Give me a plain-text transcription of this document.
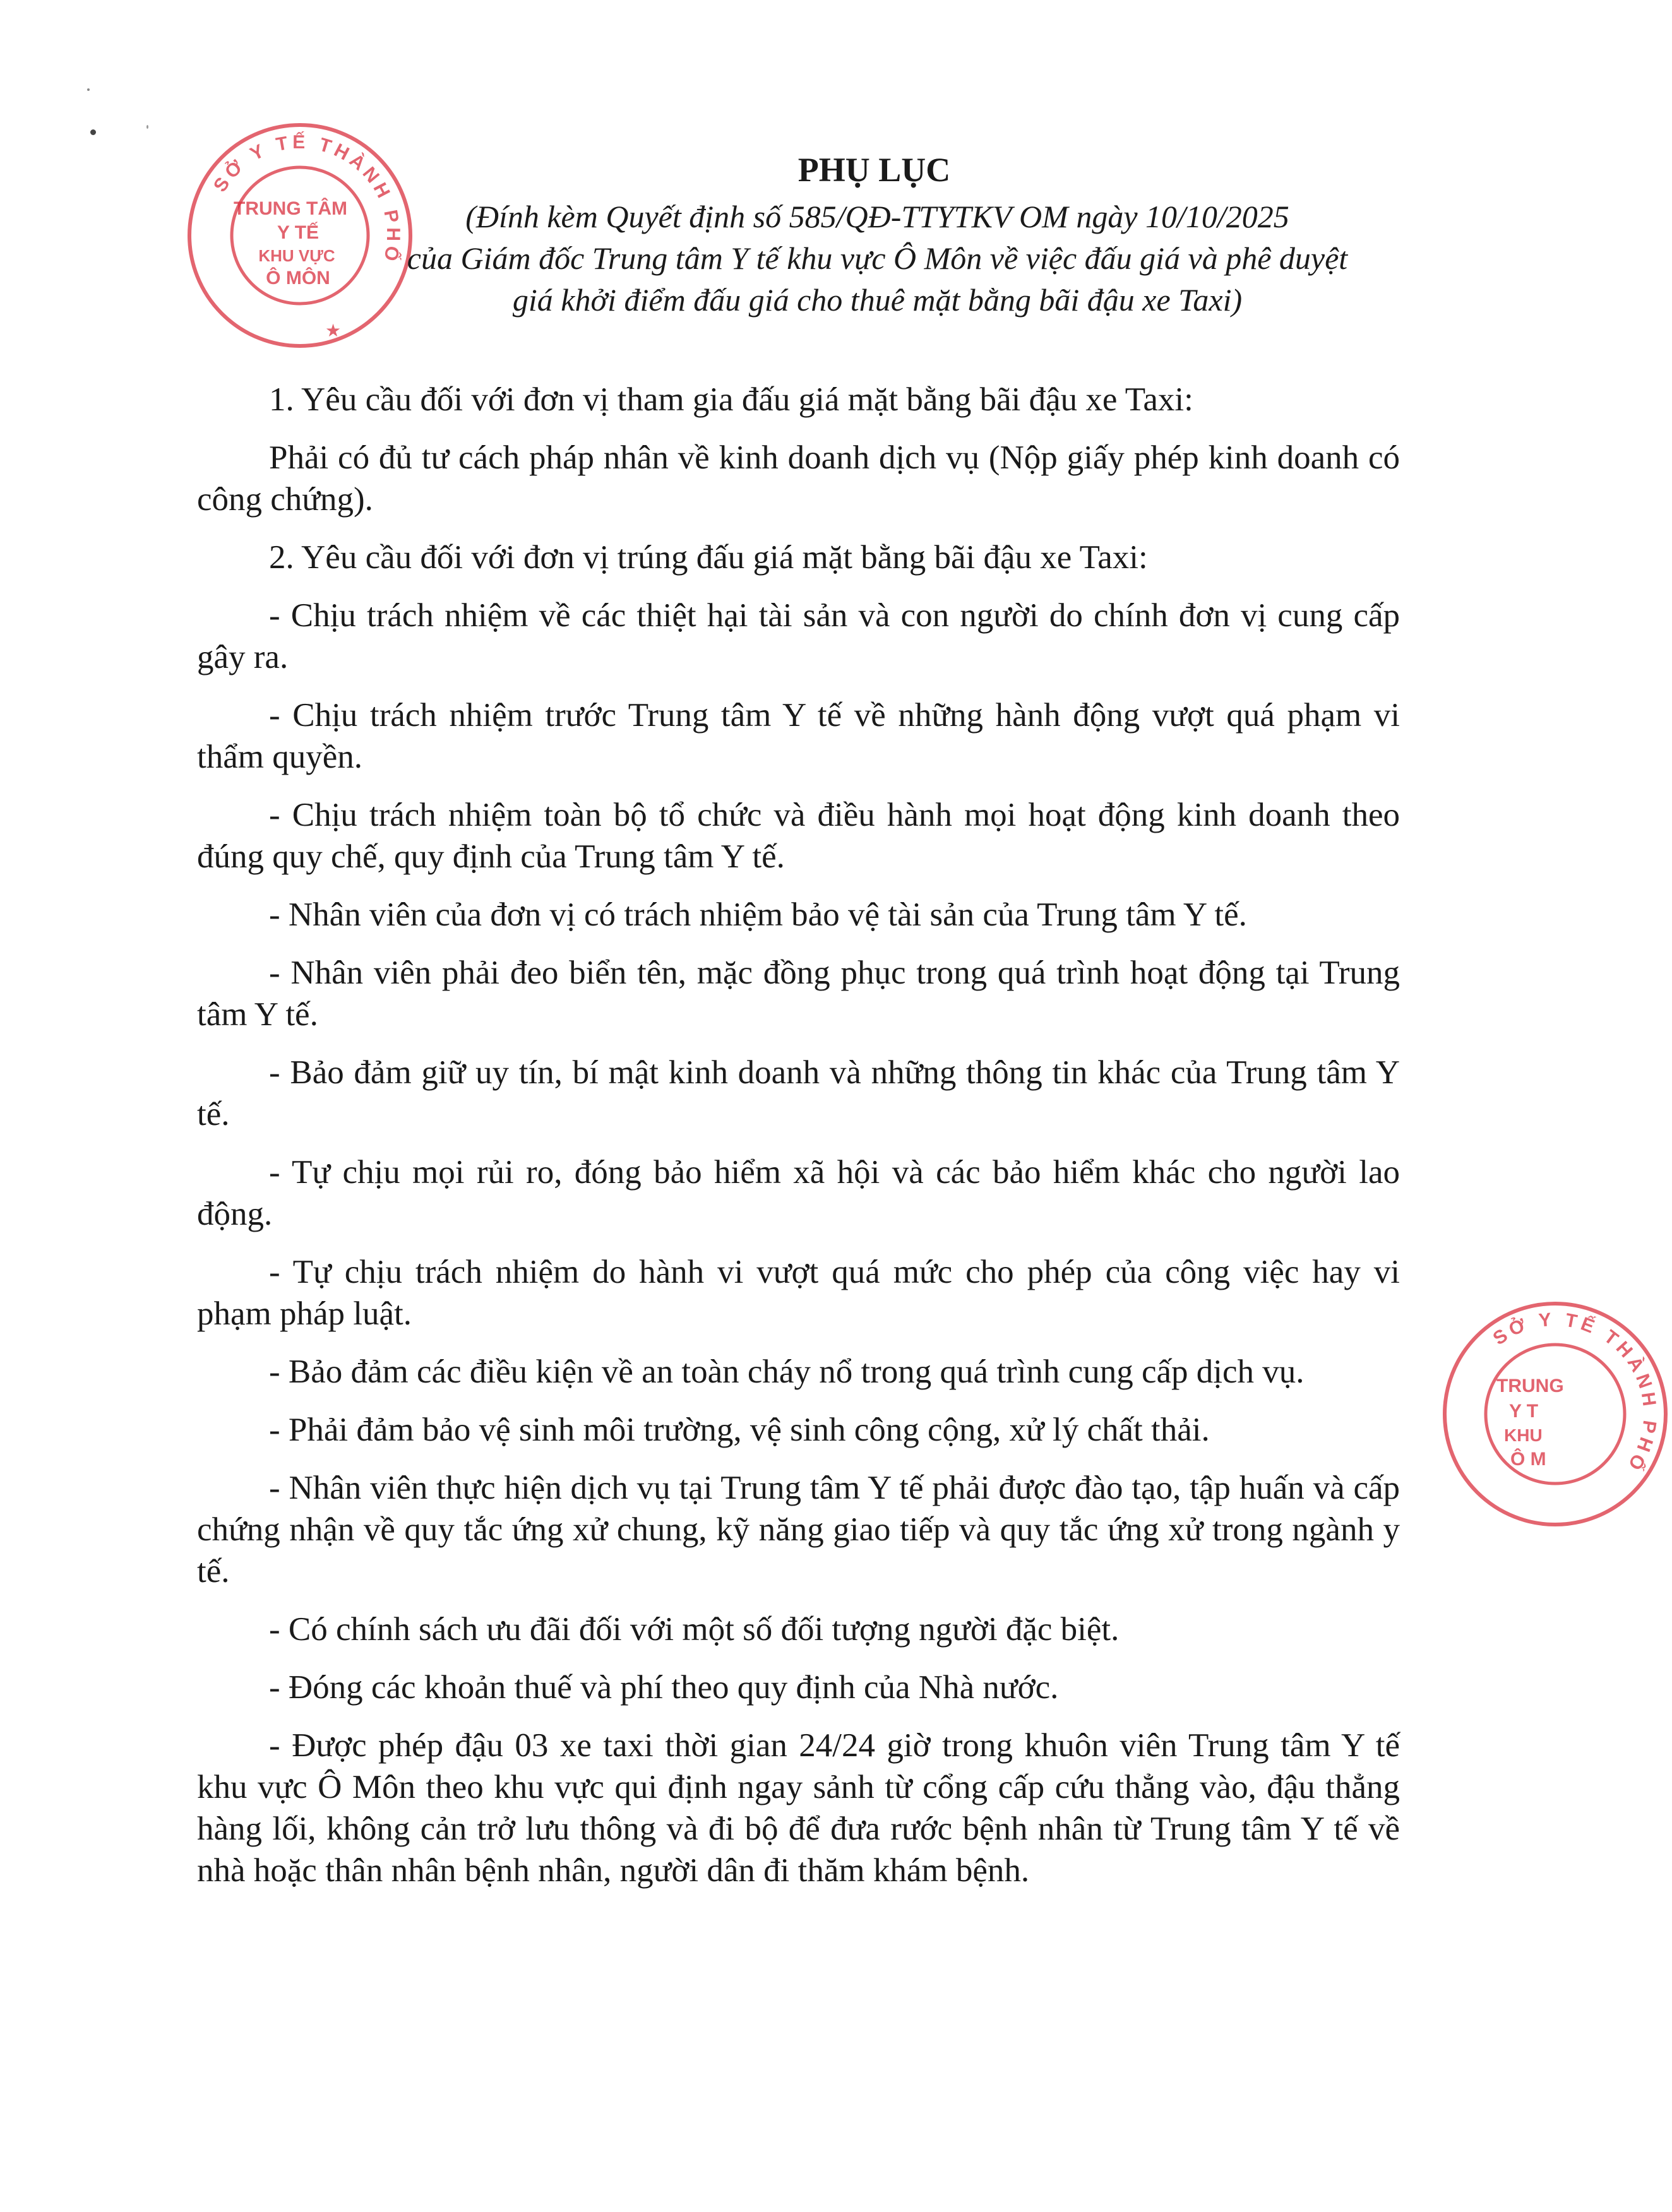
SỞ Y TẾ THÀNH PHỐ
TRUNG TÂM
Y TẾ
KHU VỰC
Ô MÔN
★
SỞ Y TẾ THÀNH PHỐ
TRUNG
Y T
KHU
Ô M
PHỤ LỤC
(Đính kèm Quyết định số 585/QĐ-TTYTKV OM ngày 10/10/2025
của Giám đốc Trung tâm Y tế khu vực Ô Môn về việc đấu giá và phê duyệt
giá khởi điểm đấu giá cho thuê mặt bằng bãi đậu xe Taxi)

1. Yêu cầu đối với đơn vị tham gia đấu giá mặt bằng bãi đậu xe Taxi:

Phải có đủ tư cách pháp nhân về kinh doanh dịch vụ (Nộp giấy phép kinh doanh có công chứng).

2. Yêu cầu đối với đơn vị trúng đấu giá mặt bằng bãi đậu xe Taxi:

- Chịu trách nhiệm về các thiệt hại tài sản và con người do chính đơn vị cung cấp gây ra.

- Chịu trách nhiệm trước Trung tâm Y tế về những hành động vượt quá phạm vi thẩm quyền.

- Chịu trách nhiệm toàn bộ tổ chức và điều hành mọi hoạt động kinh doanh theo đúng quy chế, quy định của Trung tâm Y tế.

- Nhân viên của đơn vị có trách nhiệm bảo vệ tài sản của Trung tâm Y tế.

- Nhân viên phải đeo biển tên, mặc đồng phục trong quá trình hoạt động tại Trung tâm Y tế.

- Bảo đảm giữ uy tín, bí mật kinh doanh và những thông tin khác của Trung tâm Y tế.

- Tự chịu mọi rủi ro, đóng bảo hiểm xã hội và các bảo hiểm khác cho người lao động.

- Tự chịu trách nhiệm do hành vi vượt quá mức cho phép của công việc hay vi phạm pháp luật.

- Bảo đảm các điều kiện về an toàn cháy nổ trong quá trình cung cấp dịch vụ.

- Phải đảm bảo vệ sinh môi trường, vệ sinh công cộng, xử lý chất thải.

- Nhân viên thực hiện dịch vụ tại Trung tâm Y tế phải được đào tạo, tập huấn và cấp chứng nhận về quy tắc ứng xử chung, kỹ năng giao tiếp và quy tắc ứng xử trong ngành y tế.

- Có chính sách ưu đãi đối với một số đối tượng người đặc biệt.

- Đóng các khoản thuế và phí theo quy định của Nhà nước.

- Được phép đậu 03 xe taxi thời gian 24/24 giờ trong khuôn viên Trung tâm Y tế khu vực Ô Môn theo khu vực qui định ngay sảnh từ cổng cấp cứu thẳng vào, đậu thẳng hàng lối, không cản trở lưu thông và đi bộ để đưa rước bệnh nhân từ Trung tâm Y tế về nhà hoặc thân nhân bệnh nhân, người dân đi thăm khám bệnh.
